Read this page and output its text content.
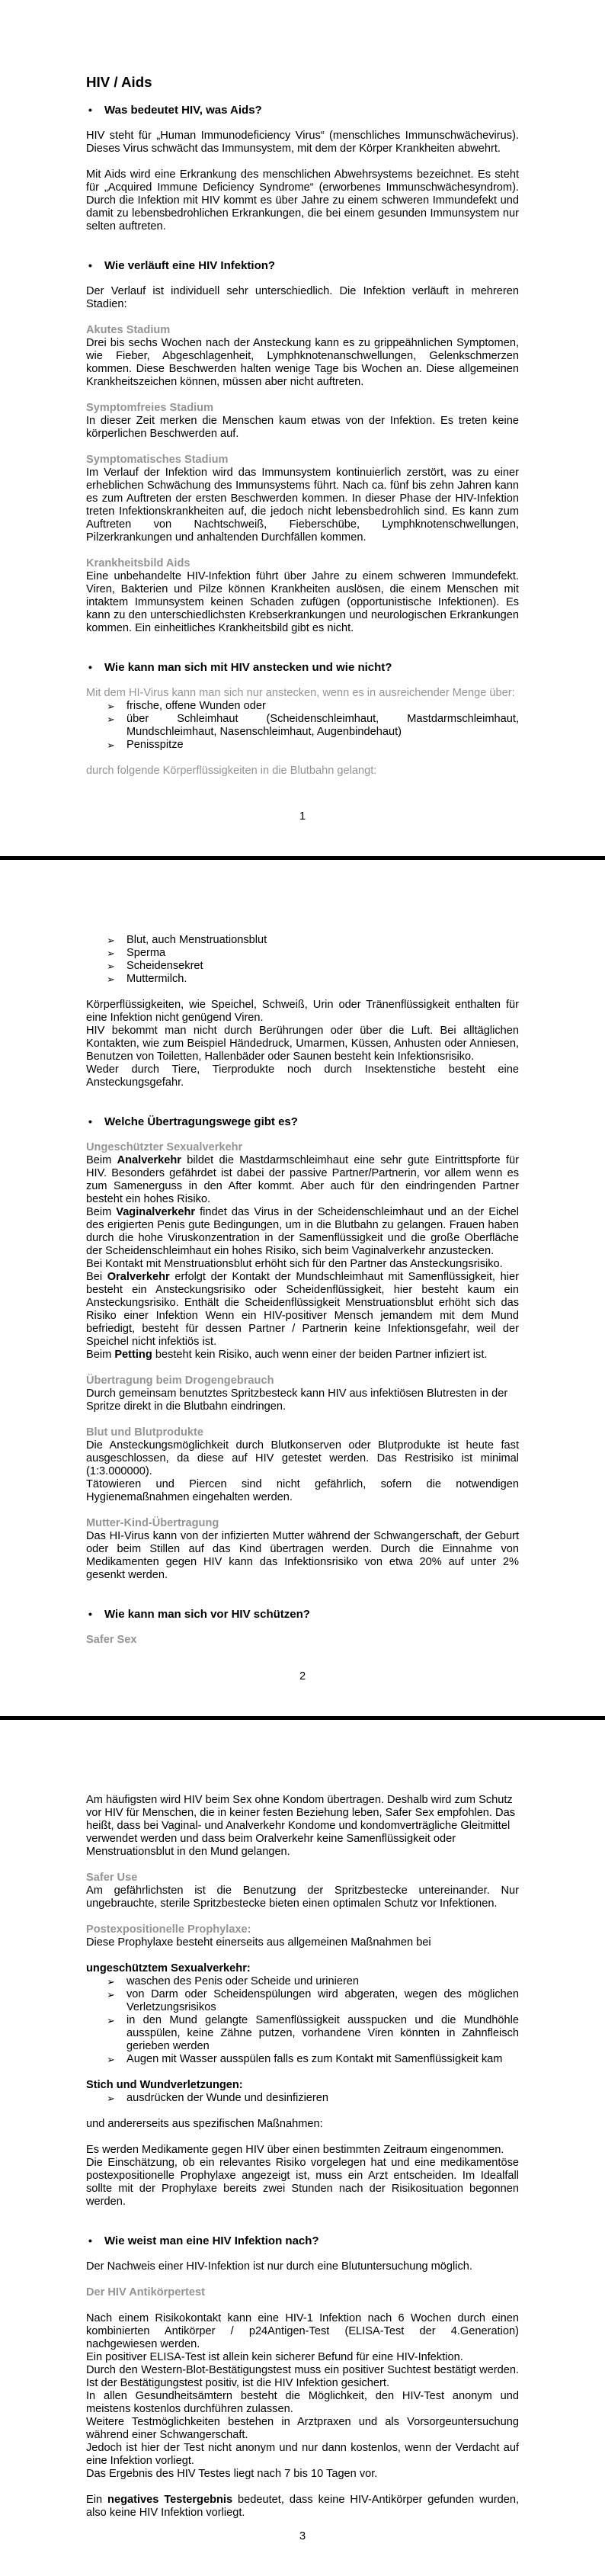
HIV / Aids
• Was bedeutet HIV, was Aids?

HIV steht für „Human Immunodeficiency Virus“ (menschliches Immunschwächevirus). Dieses Virus schwächt das Immunsystem, mit dem der Körper Krankheiten abwehrt.

Mit Aids wird eine Erkrankung des menschlichen Abwehrsystems bezeichnet. Es steht für „Acquired Immune Deficiency Syndrome“ (erworbenes Immunschwächesyndrom). Durch die Infektion mit HIV kommt es über Jahre zu einem schweren Immundefekt und damit zu lebensbedrohlichen Erkrankungen, die bei einem gesunden Immunsystem nur selten auftreten.

• Wie verläuft eine HIV Infektion?

Der Verlauf ist individuell sehr unterschiedlich. Die Infektion verläuft in mehreren Stadien:

Akutes Stadium

Drei bis sechs Wochen nach der Ansteckung kann es zu grippeähnlichen Symptomen, wie Fieber, Abgeschlagenheit, Lymphknotenanschwellungen, Gelenkschmerzen kommen. Diese Beschwerden halten wenige Tage bis Wochen an. Diese allgemeinen Krankheitszeichen können, müssen aber nicht auftreten.

Symptomfreies Stadium

In dieser Zeit merken die Menschen kaum etwas von der Infektion. Es treten keine körperlichen Beschwerden auf.

Symptomatisches Stadium

Im Verlauf der Infektion wird das Immunsystem kontinuierlich zerstört, was zu einer erheblichen Schwächung des Immunsystems führt. Nach ca. fünf bis zehn Jahren kann es zum Auftreten der ersten Beschwerden kommen. In dieser Phase der HIV-Infektion treten Infektionskrankheiten auf, die jedoch nicht lebensbedrohlich sind. Es kann zum Auftreten von Nachtschweiß, Fieberschübe, Lymphknotenschwellungen, Pilzerkrankungen und anhaltenden Durchfällen kommen.

Krankheitsbild Aids

Eine unbehandelte HIV-Infektion führt über Jahre zu einem schweren Immundefekt. Viren, Bakterien und Pilze können Krankheiten auslösen, die einem Menschen mit intaktem Immunsystem keinen Schaden zufügen (opportunistische Infektionen). Es kann zu den unterschiedlichsten Krebserkrankungen und neurologischen Erkrankungen kommen. Ein einheitliches Krankheitsbild gibt es nicht.

• Wie kann man sich mit HIV anstecken und wie nicht?

Mit dem HI-Virus kann man sich nur anstecken, wenn es in ausreichender Menge über:

➢ frische, offene Wunden oder
➢ über Schleimhaut (Scheidenschleimhaut, Mastdarmschleimhaut, Mundschleimhaut, Nasenschleimhaut, Augenbindehaut)
➢ Penisspitze

durch folgende Körperflüssigkeiten in die Blutbahn gelangt:

1
➢ Blut, auch Menstruationsblut
➢ Sperma
➢ Scheidensekret
➢ Muttermilch.

Körperflüssigkeiten, wie Speichel, Schweiß, Urin oder Tränenflüssigkeit enthalten für eine Infektion nicht genügend Viren.

HIV bekommt man nicht durch Berührungen oder über die Luft. Bei alltäglichen Kontakten, wie zum Beispiel Händedruck, Umarmen, Küssen, Anhusten oder Anniesen, Benutzen von Toiletten, Hallenbäder oder Saunen besteht kein Infektionsrisiko.

Weder durch Tiere, Tierprodukte noch durch Insektenstiche besteht eine Ansteckungsgefahr.

• Welche Übertragungswege gibt es?

Ungeschützter Sexualverkehr

Beim Analverkehr bildet die Mastdarmschleimhaut eine sehr gute Eintrittspforte für HIV. Besonders gefährdet ist dabei der passive Partner/Partnerin, vor allem wenn es zum Samenerguss in den After kommt. Aber auch für den eindringenden Partner besteht ein hohes Risiko.

Beim Vaginalverkehr findet das Virus in der Scheidenschleimhaut und an der Eichel des erigierten Penis gute Bedingungen, um in die Blutbahn zu gelangen. Frauen haben durch die hohe Viruskonzentration in der Samenflüssigkeit und die große Oberfläche der Scheidenschleimhaut ein hohes Risiko, sich beim Vaginalverkehr anzustecken.

Bei Kontakt mit Menstruationsblut erhöht sich für den Partner das Ansteckungsrisiko.

Bei Oralverkehr erfolgt der Kontakt der Mundschleimhaut mit Samenflüssigkeit, hier besteht ein Ansteckungsrisiko oder Scheidenflüssigkeit, hier besteht kaum ein Ansteckungsrisiko. Enthält die Scheidenflüssigkeit Menstruationsblut erhöht sich das Risiko einer Infektion Wenn ein HIV-positiver Mensch jemandem mit dem Mund befriedigt, besteht für dessen Partner / Partnerin keine Infektionsgefahr, weil der Speichel nicht infektiös ist.

Beim Petting besteht kein Risiko, auch wenn einer der beiden Partner infiziert ist.

Übertragung beim Drogengebrauch

Durch gemeinsam benutztes Spritzbesteck kann HIV aus infektiösen Blutresten in der Spritze direkt in die Blutbahn eindringen.

Blut und Blutprodukte

Die Ansteckungsmöglichkeit durch Blutkonserven oder Blutprodukte ist heute fast ausgeschlossen, da diese auf HIV getestet werden. Das Restrisiko ist minimal (1:3.000000).

Tätowieren und Piercen sind nicht gefährlich, sofern die notwendigen Hygienemaßnahmen eingehalten werden.

Mutter-Kind-Übertragung

Das HI-Virus kann von der infizierten Mutter während der Schwangerschaft, der Geburt oder beim Stillen auf das Kind übertragen werden. Durch die Einnahme von Medikamenten gegen HIV kann das Infektionsrisiko von etwa 20% auf unter 2% gesenkt werden.

• Wie kann man sich vor HIV schützen?

Safer Sex

2

Am häufigsten wird HIV beim Sex ohne Kondom übertragen. Deshalb wird zum Schutz vor HIV für Menschen, die in keiner festen Beziehung leben, Safer Sex empfohlen. Das heißt, dass bei Vaginal- und Analverkehr Kondome und kondomverträgliche Gleitmittel verwendet werden und dass beim Oralverkehr keine Samenflüssigkeit oder Menstruationsblut in den Mund gelangen.

Safer Use

Am gefährlichsten ist die Benutzung der Spritzbestecke untereinander. Nur ungebrauchte, sterile Spritzbestecke bieten einen optimalen Schutz vor Infektionen.

Postexpositionelle Prophylaxe:

Diese Prophylaxe besteht einerseits aus allgemeinen Maßnahmen bei

ungeschütztem Sexualverkehr:

➢ waschen des Penis oder Scheide und urinieren
➢ von Darm oder Scheidenspülungen wird abgeraten, wegen des möglichen Verletzungsrisikos
➢ in den Mund gelangte Samenflüssigkeit ausspucken und die Mundhöhle ausspülen, keine Zähne putzen, vorhandene Viren könnten in Zahnfleisch gerieben werden
➢ Augen mit Wasser ausspülen falls es zum Kontakt mit Samenflüssigkeit kam

Stich und Wundverletzungen:

➢ ausdrücken der Wunde und desinfizieren

und andererseits aus spezifischen Maßnahmen:

Es werden Medikamente gegen HIV über einen bestimmten Zeitraum eingenommen.

Die Einschätzung, ob ein relevantes Risiko vorgelegen hat und eine medikamentöse postexpositionelle Prophylaxe angezeigt ist, muss ein Arzt entscheiden. Im Idealfall sollte mit der Prophylaxe bereits zwei Stunden nach der Risikosituation begonnen werden.

• Wie weist man eine HIV Infektion nach?

Der Nachweis einer HIV-Infektion ist nur durch eine Blutuntersuchung möglich.

Der HIV Antikörpertest

Nach einem Risikokontakt kann eine HIV-1 Infektion nach 6 Wochen durch einen kombinierten Antikörper / p24Antigen-Test (ELISA-Test der 4.Generation) nachgewiesen werden.

Ein positiver ELISA-Test ist allein kein sicherer Befund für eine HIV-Infektion.

Durch den Western-Blot-Bestätigungstest muss ein positiver Suchtest bestätigt werden. Ist der Bestätigungstest positiv, ist die HIV Infektion gesichert.

In allen Gesundheitsämtern besteht die Möglichkeit, den HIV-Test anonym und meistens kostenlos durchführen zulassen.

Weitere Testmöglichkeiten bestehen in Arztpraxen und als Vorsorgeuntersuchung während einer Schwangerschaft.

Jedoch ist hier der Test nicht anonym und nur dann kostenlos, wenn der Verdacht auf eine Infektion vorliegt.

Das Ergebnis des HIV Testes liegt nach 7 bis 10 Tagen vor.

Ein negatives Testergebnis bedeutet, dass keine HIV-Antikörper gefunden wurden, also keine HIV Infektion vorliegt.

3
